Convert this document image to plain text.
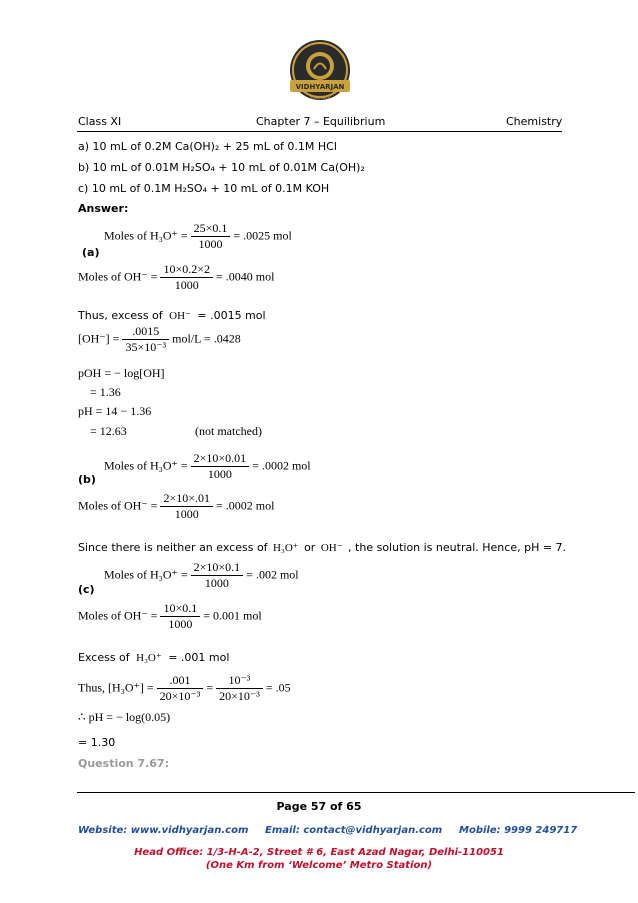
VIDHYARJAN
Institute
Class XI	Chapter 7 – Equilibrium	Chemistry
a) 10 mL of 0.2M Ca(OH)₂ + 25 mL of 0.1M HCl
b) 10 mL of 0.01M H₂SO₄ + 10 mL of 0.01M Ca(OH)₂
c) 10 mL of 0.1M H₂SO₄ + 10 mL of 0.1M KOH
Answer:
Moles of $H_3O^+ = \frac{25\times 0.1}{1000} = .0025$ mol
(a)
Moles of $OH^- = \frac{10\times 0.2\times 2}{1000} = .0040$ mol
Thus, excess of OH⁻ = .0015 mol
$[OH^-] = \frac{.0015}{\text{35×10⁻³}} mol/L = .0428$
pOH = − log[OH]
= 1.36
pH = 14 − 1.36
= 12.63	(not matched)
Moles of $H_3O^+ = \frac{2\times 10\times 0.01}{1000} = .0002$ mol
(b)
Moles of $OH^- = \frac{2\times 10\times.01}{1000} = .0002$ mol
Since there is neither an excess of H₃O⁺ or OH⁻ , the solution is neutral. Hence, pH = 7.
Moles of $H_3O^+ = \frac{2\times 10\times 0.1}{1000} = .002$ mol
(c)
Moles of $OH^- = \frac{10\times 0.1}{1000} = 0.001$ mol
Excess of H₃O⁺ = .001 mol
Thus, $[H_3O^+] = \frac{.001}{\text{20×10⁻³}} = \frac{\text{10⁻³}}{\text{20×10⁻³}} = .05$
∴ pH = − log(0.05)
= 1.30
Question 7.67:
Page 57 of 65
Website: www.vidhyarjan.com Email: contact@vidhyarjan.com Mobile: 9999 249717
Head Office: 1/3-H-A-2, Street # 6, East Azad Nagar, Delhi-110051
(One Km from ‘Welcome’ Metro Station)
